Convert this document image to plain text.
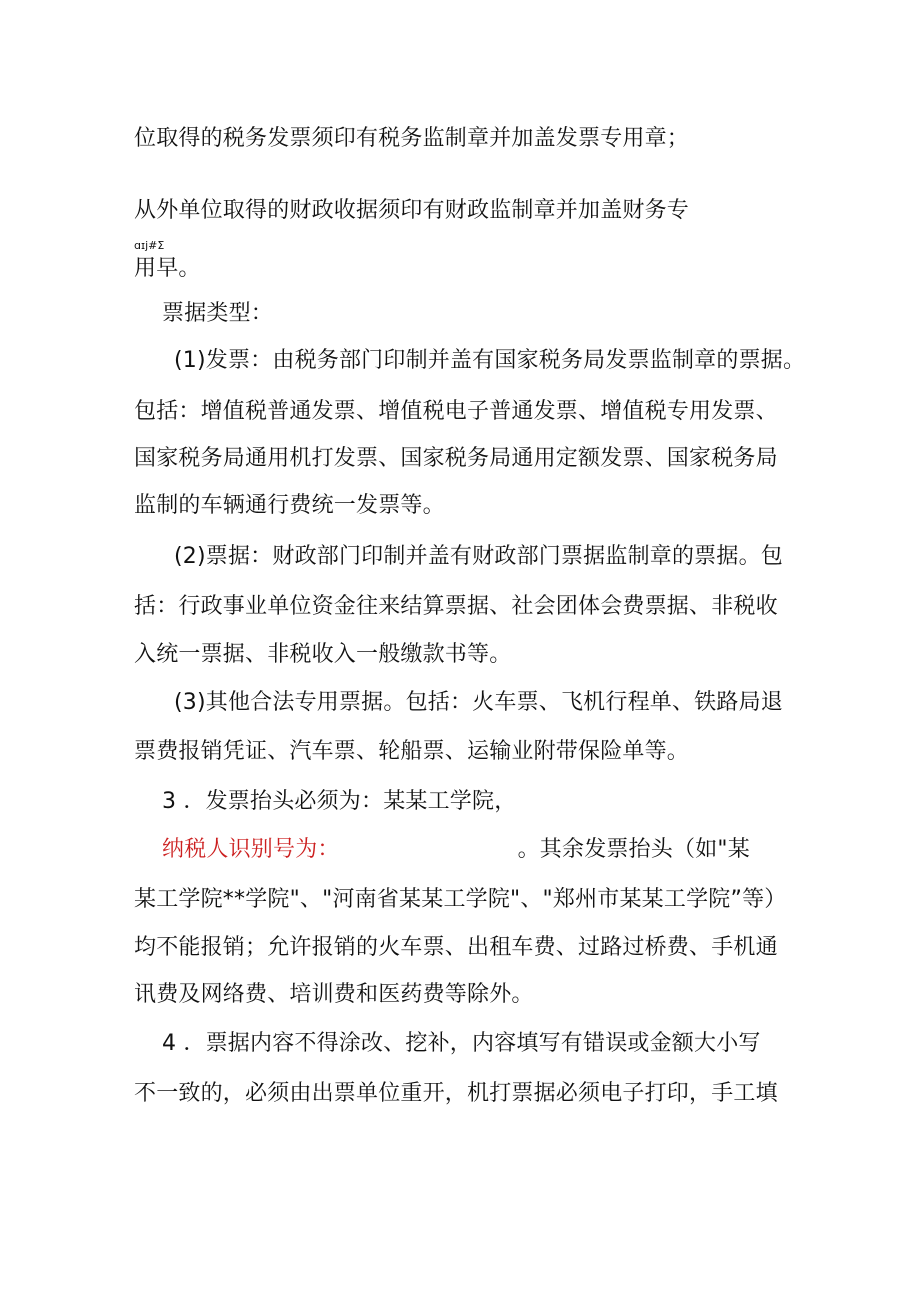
位取得的税务发票须印有税务监制章并加盖发票专用章；
从外单位取得的财政收据须印有财政监制章并加盖财务专
ɑɪj#Σ
用早。
票据类型：
(1)发票：由税务部门印制并盖有国家税务局发票监制章的票据。
包括：增值税普通发票、增值税电子普通发票、增值税专用发票、
国家税务局通用机打发票、国家税务局通用定额发票、国家税务局
监制的车辆通行费统一发票等。
(2)票据：财政部门印制并盖有财政部门票据监制章的票据。包
括：行政事业单位资金往来结算票据、社会团体会费票据、非税收
入统一票据、非税收入一般缴款书等。
(3)其他合法专用票据。包括：火车票、飞机行程单、铁路局退
票费报销凭证、汽车票、轮船票、运输业附带保险单等。
3 ．发票抬头必须为：某某工学院，
纳税人识别号为：	。其余发票抬头（如"某
某工学院**学院"、"河南省某某工学院"、"郑州市某某工学院”等）
均不能报销；允许报销的火车票、出租车费、过路过桥费、手机通
讯费及网络费、培训费和医药费等除外。
4 ．票据内容不得涂改、挖补，内容填写有错误或金额大小写
不一致的，必须由出票单位重开，机打票据必须电子打印，手工填
